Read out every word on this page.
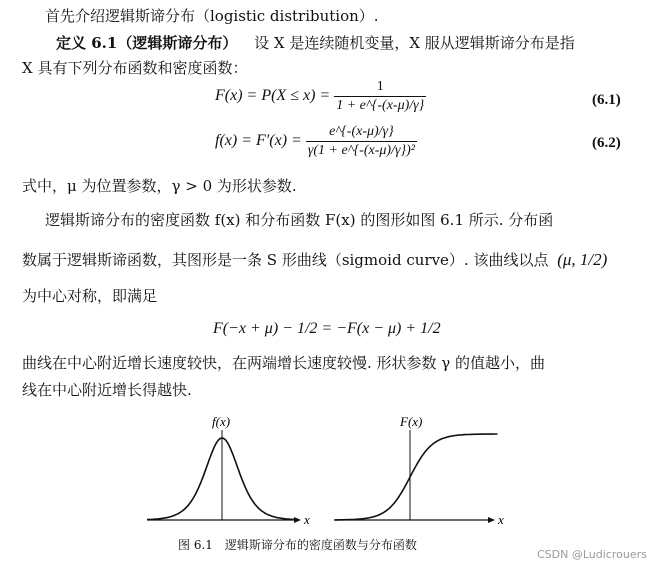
首先介绍逻辑斯谛分布（logistic distribution）.
定义 6.1（逻辑斯谛分布） 设 X 是连续随机变量，X 服从逻辑斯谛分布是指
X 具有下列分布函数和密度函数：
$F(x) = P(X \le x) = \frac{1}{1 + e\^{}\{-(x-\mu)/\gamma\}}$	(6.1)
$f(x) = F'(x) = \frac{e\^{}\{-(x-\mu)/\gamma\}}{\text{γ(1 + e\textasciicircum{}\{-(x-μ)/γ\})²}}$	(6.2)
式中，μ 为位置参数，γ > 0 为形状参数.
逻辑斯谛分布的密度函数 f(x) 和分布函数 F(x) 的图形如图 6.1 所示. 分布函
数属于逻辑斯谛函数，其图形是一条 S 形曲线（sigmoid curve）. 该曲线以点 (μ, 1/2)
为中心对称，即满足
F(−x + μ) − 1/2 = −F(x − μ) + 1/2
曲线在中心附近增长速度较快，在两端增长速度较慢. 形状参数 γ 的值越小，曲
线在中心附近增长得越快.
f(x)
x
F(x)
x
图 6.1　逻辑斯谛分布的密度函数与分布函数
CSDN @Ludicrouers
